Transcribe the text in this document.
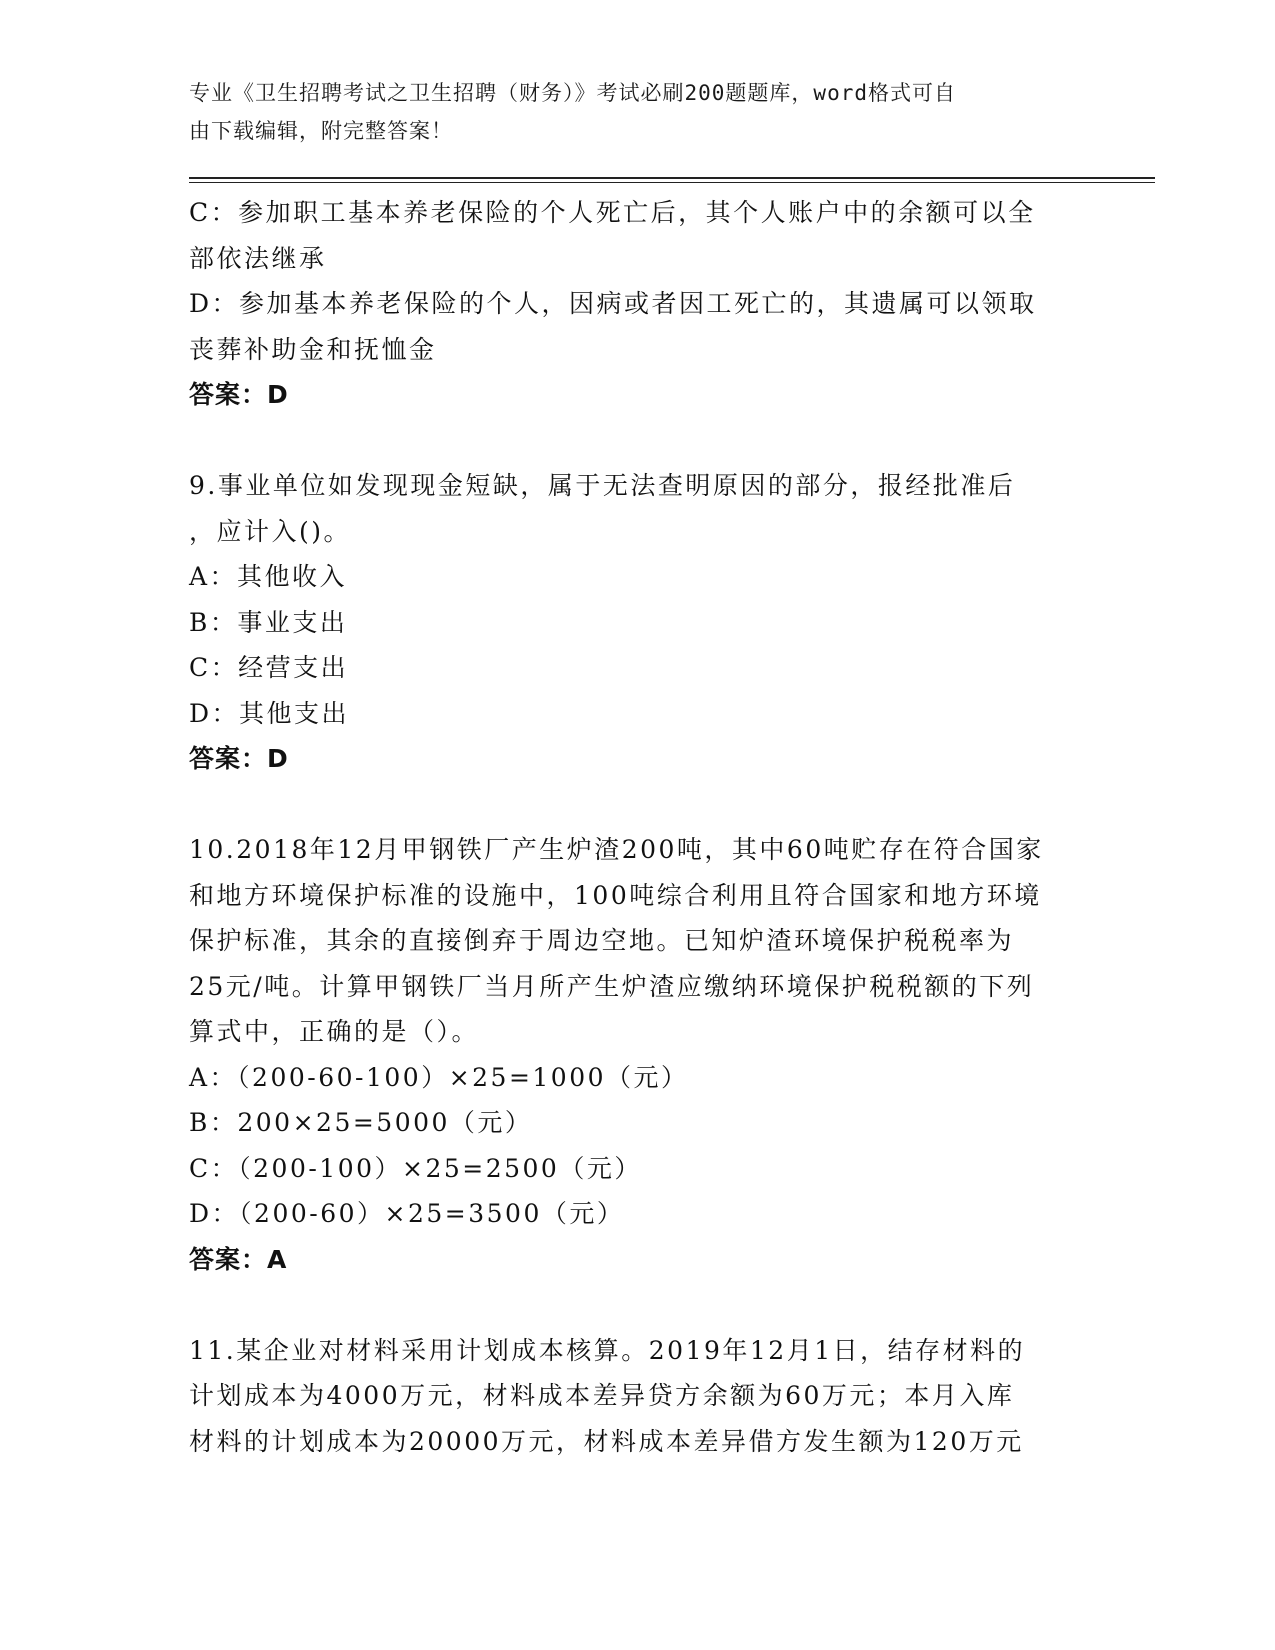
专业《卫生招聘考试之卫生招聘（财务）》考试必刷200题题库，word格式可自
由下载编辑，附完整答案！
C：参加职工基本养老保险的个人死亡后，其个人账户中的余额可以全
部依法继承
D：参加基本养老保险的个人，因病或者因工死亡的，其遗属可以领取
丧葬补助金和抚恤金
答案：D
9.事业单位如发现现金短缺，属于无法查明原因的部分，报经批准后
，应计入()。
A：其他收入
B：事业支出
C：经营支出
D：其他支出
答案：D
10.2018年12月甲钢铁厂产生炉渣200吨，其中60吨贮存在符合国家
和地方环境保护标准的设施中，100吨综合利用且符合国家和地方环境
保护标准，其余的直接倒弃于周边空地。已知炉渣环境保护税税率为
25元/吨。计算甲钢铁厂当月所产生炉渣应缴纳环境保护税税额的下列
算式中，正确的是（）。
A：（200-60-100）×25=1000（元）
B：200×25=5000（元）
C：（200-100）×25=2500（元）
D：（200-60）×25=3500（元）
答案：A
11.某企业对材料采用计划成本核算。2019年12月1日，结存材料的
计划成本为4000万元，材料成本差异贷方余额为60万元；本月入库
材料的计划成本为20000万元，材料成本差异借方发生额为120万元
